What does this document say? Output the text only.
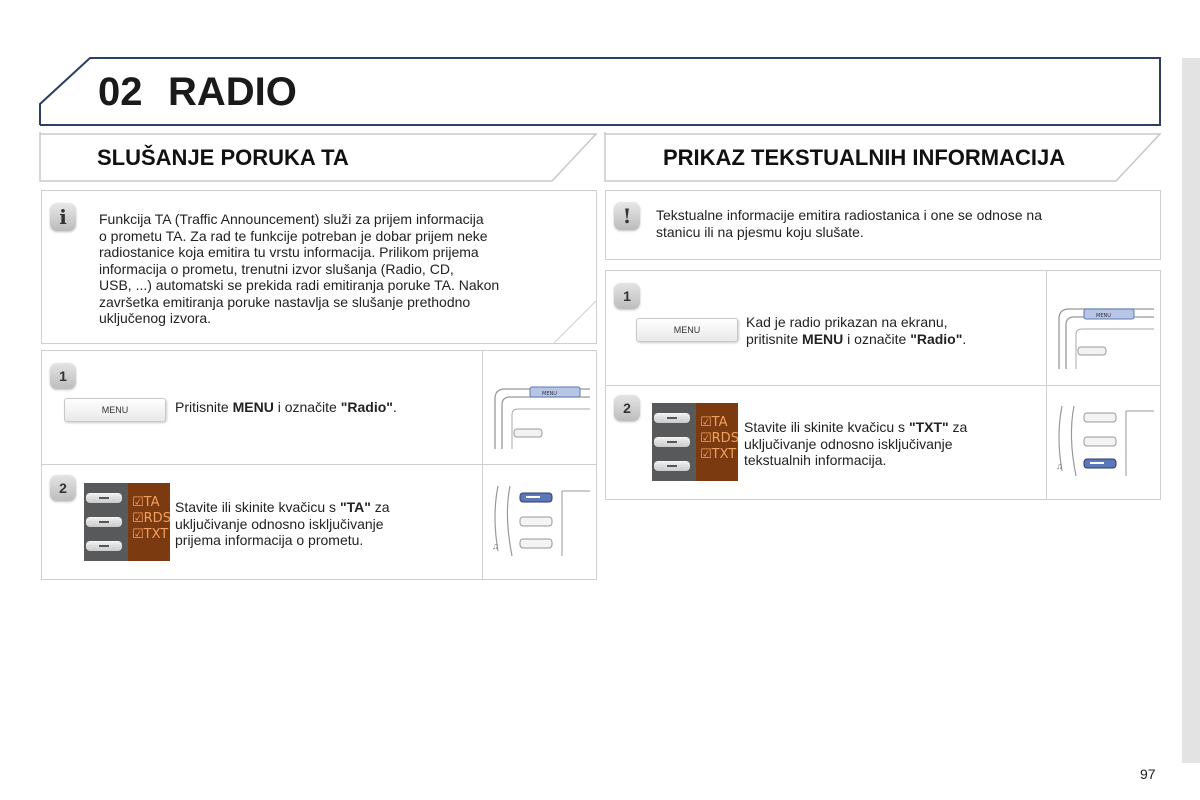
02 RADIO
SLUŠANJE PORUKA TA
i	Funkcija TA (Traffic Announcement) služi za prijem informacija
o prometu TA. Za rad te funkcije potreban je dobar prijem neke
radiostanice koja emitira tu vrstu informacija. Prilikom prijema
informacija o prometu, trenutni izvor slušanja (Radio, CD,
USB, ...) automatski se prekida radi emitiranja poruke TA. Nakon
završetka emitiranja poruke nastavlja se slušanje prethodno
uključenog izvora.
1
MENU	Pritisnite MENU i označite "Radio".
MENU
2
☑TA
☑RDS
☑TXT
Stavite ili skinite kvačicu s "TA" za
uključivanje odnosno isključivanje
prijema informacija o prometu.	♫
PRIKAZ TEKSTUALNIH INFORMACIJA
!	Tekstualne informacije emitira radiostanica i one se odnose na
stanicu ili na pjesmu koju slušate.
1
MENU	Kad je radio prikazan na ekranu,
pritisnite MENU i označite "Radio".
MENU
2
☑TA
☑RDS
☑TXT
Stavite ili skinite kvačicu s "TXT" za
uključivanje odnosno isključivanje
tekstualnih informacija.	♫
97
